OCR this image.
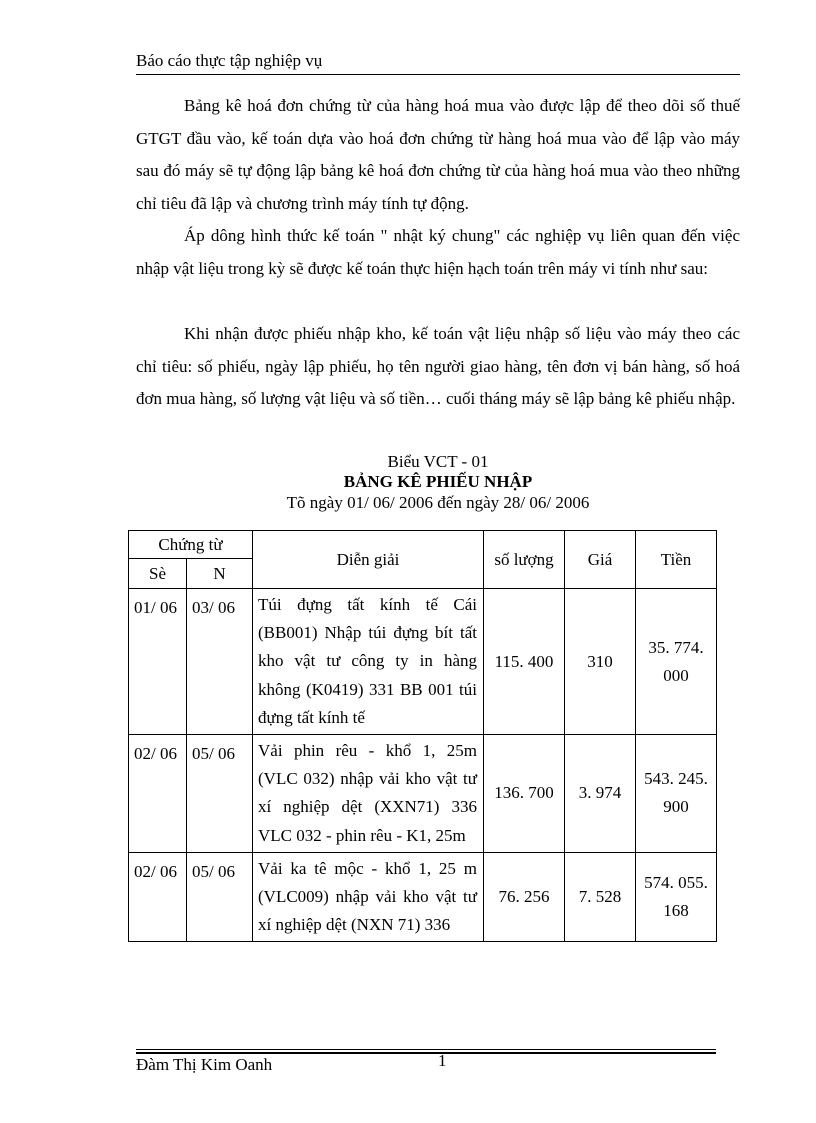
Báo cáo thực tập nghiệp vụ

Bảng kê hoá đơn chứng từ của hàng hoá mua vào được lập để theo dõi số thuế GTGT đầu vào, kế toán dựa vào hoá đơn chứng từ hàng hoá mua vào để lập vào máy sau đó máy sẽ tự động lập bảng kê hoá đơn chứng từ của hàng hoá mua vào theo những chỉ tiêu đã lập và chương trình máy tính tự động.

Áp dông hình thức kế toán " nhật ký chung" các nghiệp vụ liên quan đến việc nhập vật liệu trong kỳ sẽ được kế toán thực hiện hạch toán trên máy vi tính như sau:

Khi nhận được phiếu nhập kho, kế toán vật liệu nhập số liệu vào máy theo các chỉ tiêu: số phiếu, ngày lập phiếu, họ tên người giao hàng, tên đơn vị bán hàng, số hoá đơn mua hàng, số lượng vật liệu và số tiền… cuối tháng máy sẽ lập bảng kê phiếu nhập.

Biểu VCT - 01
BẢNG KÊ PHIẾU NHẬP
Tõ ngày 01/ 06/ 2006 đến ngày 28/ 06/ 2006
Chứng từ		Diễn giải	số lượng	Giá	Tiền
Sè	N				
01/ 06	03/ 06	Túi đựng tất kính tế Cái (BB001) Nhập túi đựng bít tất kho vật tư công ty in hàng không (K0419) 331 BB 001 túi đựng tất kính tế	115. 400	310	35. 774. 000
02/ 06	05/ 06	Vải phin rêu - khổ 1, 25m (VLC 032) nhập vải kho vật tư xí nghiệp dệt (XXN71) 336 VLC 032 - phin rêu - K1, 25m	136. 700	3. 974	543. 245. 900
02/ 06	05/ 06	Vải ka tê mộc - khổ 1, 25 m (VLC009) nhập vải kho vật tư xí nghiệp dệt (NXN 71) 336	76. 256	7. 528	574. 055. 168
Đàm Thị Kim Oanh	1
